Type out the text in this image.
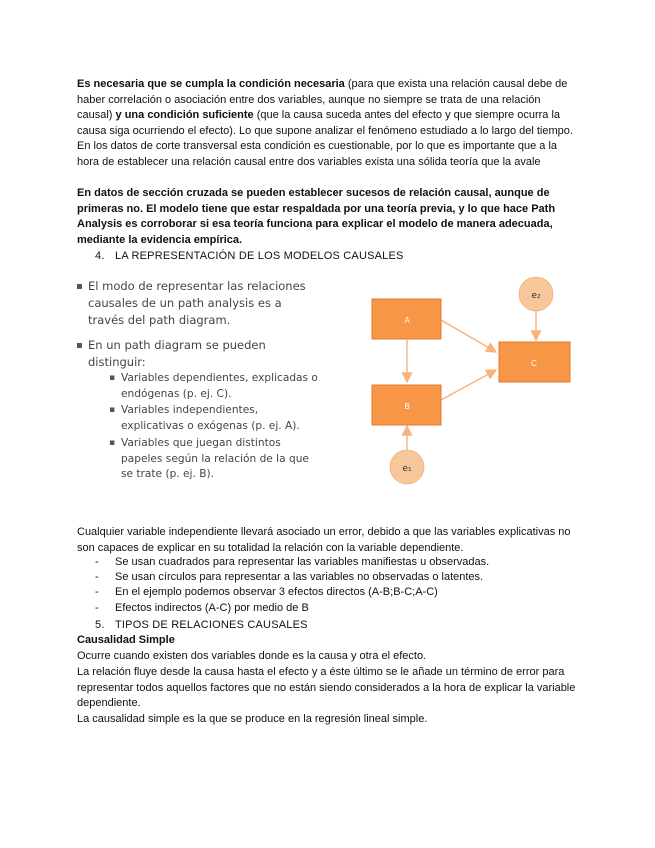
Es necesaria que se cumpla la condición necesaria (para que exista una relación causal debe de haber correlación o asociación entre dos variables, aunque no siempre se trata de una relación causal) y una condición suficiente (que la causa suceda antes del efecto y que siempre ocurra la causa siga ocurriendo el efecto). Lo que supone analizar el fenómeno estudiado a lo largo del tiempo. En los datos de corte transversal esta condición es cuestionable, por lo que es importante que a la hora de establecer una relación causal entre dos variables exista una sólida teoría que la avale

En datos de sección cruzada se pueden establecer sucesos de relación causal, aunque de primeras no. El modelo tiene que estar respaldada por una teoría previa, y lo que hace Path Analysis es corroborar si esa teoría funciona para explicar el modelo de manera adecuada, mediante la evidencia empírica.

4. LA REPRESENTACIÓN DE LOS MODELOS CAUSALES
▪ El modo de representar las relaciones causales de un path analysis es a través del path diagram.
▪ En un path diagram se pueden distinguir:
▪ Variables dependientes, explicadas o endógenas (p. ej. C).
▪ Variables independientes, explicativas o exógenas (p. ej. A).
▪ Variables que juegan distintos papeles según la relación de la que se trate (p. ej. B).
A
B
C
e₂
e₁

Cualquier variable independiente llevará asociado un error, debido a que las variables explicativas no son capaces de explicar en su totalidad la relación con la variable dependiente.

- Se usan cuadrados para representar las variables manifiestas u observadas.
- Se usan círculos para representar a las variables no observadas o latentes.
- En el ejemplo podemos observar 3 efectos directos (A-B;B-C;A-C)
- Efectos indirectos (A-C) por medio de B
5. TIPOS DE RELACIONES CAUSALES

Causalidad Simple

Ocurre cuando existen dos variables donde es la causa y otra el efecto.

La relación fluye desde la causa hasta el efecto y a éste último se le añade un término de error para representar todos aquellos factores que no están siendo considerados a la hora de explicar la variable dependiente.

La causalidad simple es la que se produce en la regresión lineal simple.
